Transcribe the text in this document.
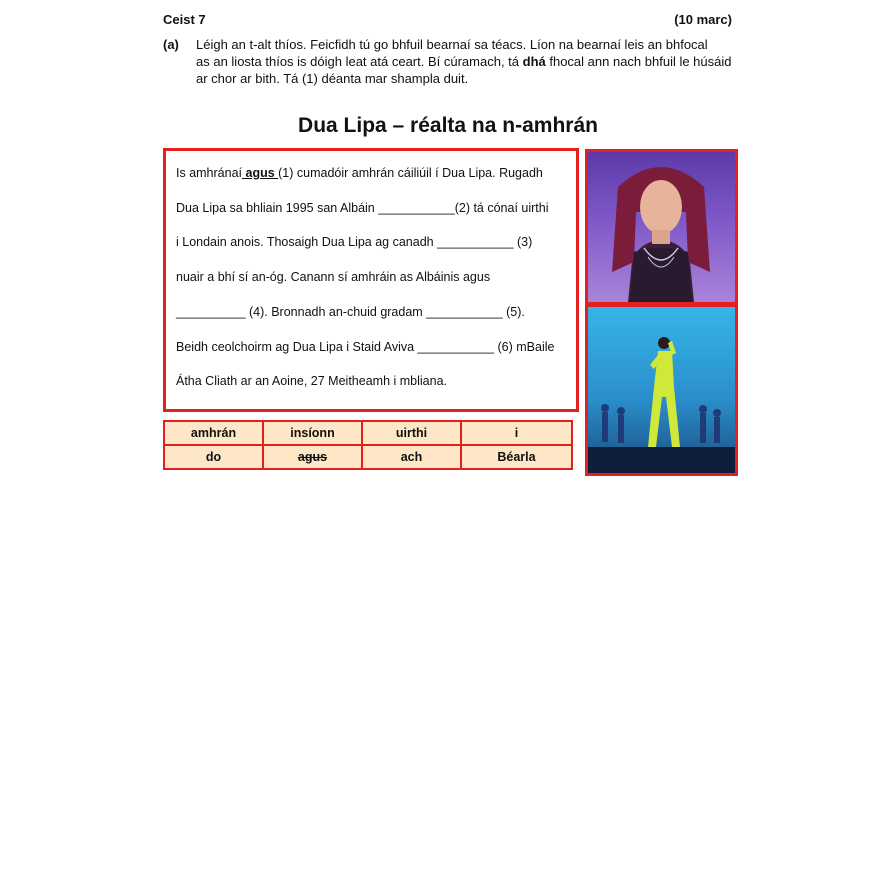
Ceist 7	(10 marc)
(a) Léigh an t-alt thíos. Feicfidh tú go bhfuil bearnaí sa téacs. Líon na bearnaí leis an bhfocal

as an liosta thíos is dóigh leat atá ceart. Bí cúramach, tá dhá fhocal ann nach bhfuil le húsáid

ar chor ar bith. Tá (1) déanta mar shampla duit.

Dua Lipa – réalta na n-amhrán
Is amhránaí agus (1) cumadóir amhrán cáiliúil í Dua Lipa. Rugadh
Dua Lipa sa bhliain 1995 san Albáin ___________(2) tá cónaí uirthi
i Londain anois. Thosaigh Dua Lipa ag canadh ___________ (3)
nuair a bhí sí an-óg. Canann sí amhráin as Albáinis agus
__________ (4). Bronnadh an-chuid gradam ___________ (5).
Beidh ceolchoirm ag Dua Lipa i Staid Aviva ___________ (6) mBaile
Átha Cliath ar an Aoine, 27 Meitheamh i mbliana.
amhrán	insíonn	uirthi	i
do	agus	ach	Béarla
